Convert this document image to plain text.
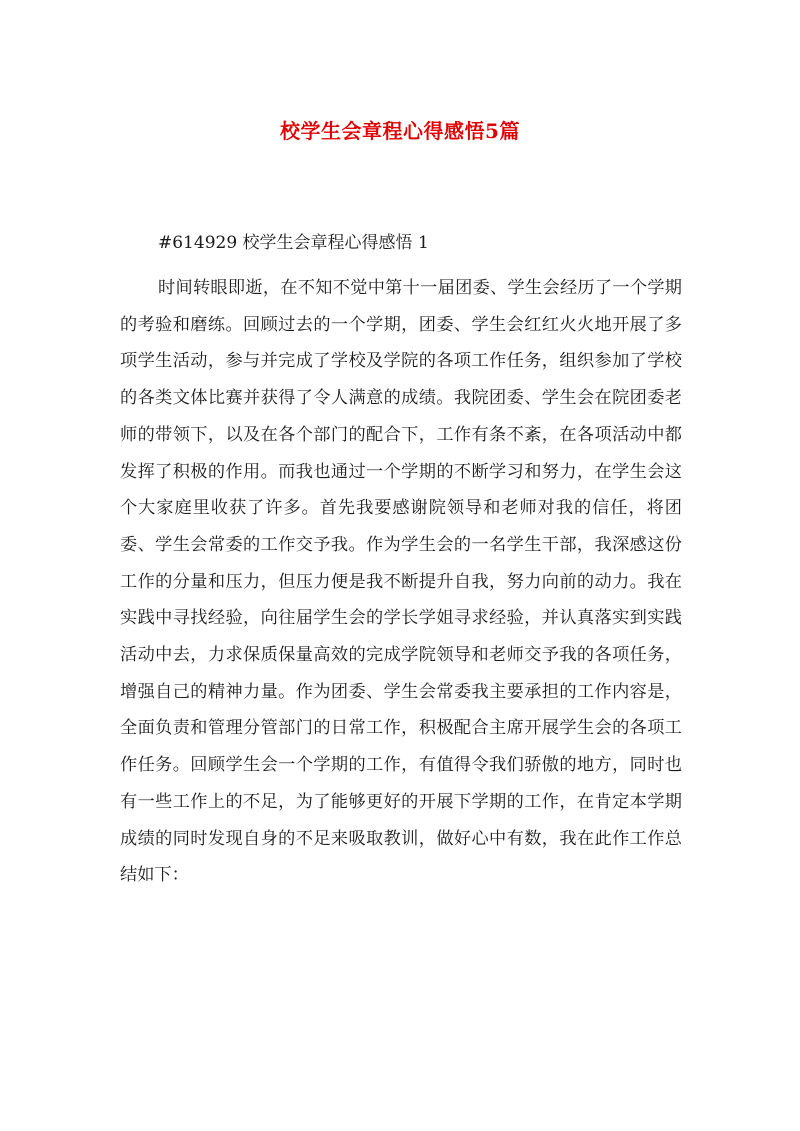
校学生会章程心得感悟5篇

#614929 校学生会章程心得感悟 1

时间转眼即逝，在不知不觉中第十一届团委、学生会经历了一个学期的考验和磨练。回顾过去的一个学期，团委、学生会红红火火地开展了多项学生活动，参与并完成了学校及学院的各项工作任务，组织参加了学校的各类文体比赛并获得了令人满意的成绩。我院团委、学生会在院团委老师的带领下，以及在各个部门的配合下，工作有条不紊，在各项活动中都发挥了积极的作用。而我也通过一个学期的不断学习和努力，在学生会这个大家庭里收获了许多。首先我要感谢院领导和老师对我的信任，将团委、学生会常委的工作交予我。作为学生会的一名学生干部，我深感这份工作的分量和压力，但压力便是我不断提升自我，努力向前的动力。我在实践中寻找经验，向往届学生会的学长学姐寻求经验，并认真落实到实践活动中去，力求保质保量高效的完成学院领导和老师交予我的各项任务，增强自己的精神力量。作为团委、学生会常委我主要承担的工作内容是，全面负责和管理分管部门的日常工作，积极配合主席开展学生会的各项工作任务。回顾学生会一个学期的工作，有值得令我们骄傲的地方，同时也有一些工作上的不足，为了能够更好的开展下学期的工作，在肯定本学期成绩的同时发现自身的不足来吸取教训，做好心中有数，我在此作工作总结如下：
